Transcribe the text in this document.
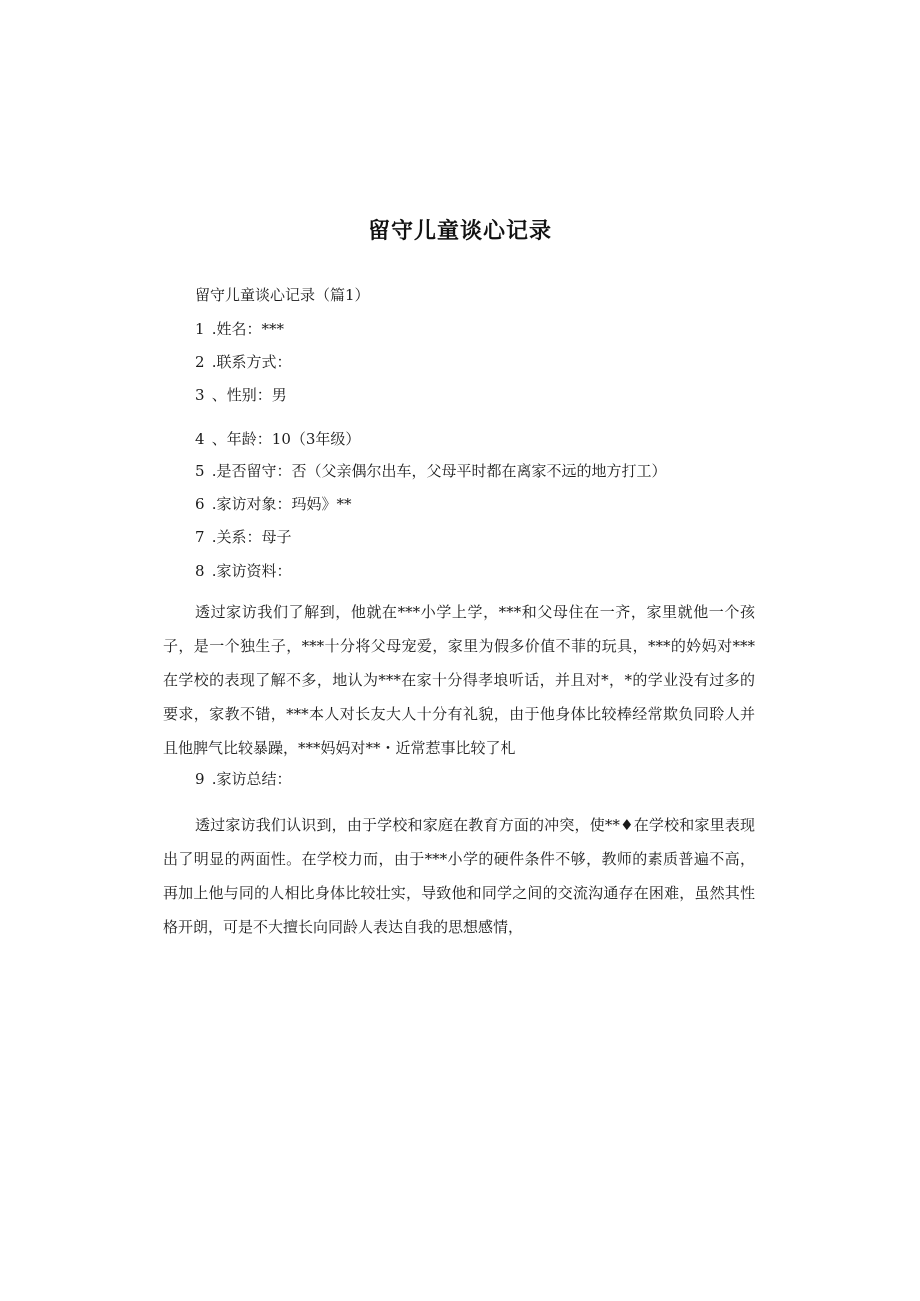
留守儿童谈心记录
留守儿童谈心记录（篇1）
1 .姓名：***
2 .联系方式：
3 、性别：男
4 、年龄：10（3年级）
5 .是否留守：否（父亲偶尔出车，父母平时都在离家不远的地方打工）
6 .家访对象：玛妈》**
7 .关系：母子
8 .家访资料：

透过家访我们了解到，他就在***小学上学，***和父母住在一齐，家里就他一个孩子，是一个独生子，***十分将父母宠爱，家里为假多价值不菲的玩具，***的妗妈对***在学校的表现了解不多，地认为***在家十分得孝埌听话，并且对*，*的学业没有过多的要求，家教不错，***本人对长友大人十分有礼貌，由于他身体比较棒经常欺负同聆人并且他脾气比较暴躁，***妈妈对**・近常惹事比较了札

9 .家访总结：

透过家访我们认识到，由于学校和家庭在教育方面的冲突，使**♦在学校和家里表现出了明显的两面性。在学校力而，由于***小学的硬件条件不够，教师的素质普遍不高，再加上他与同的人相比身体比较壮实，导致他和同学之间的交流沟通存在困难，虽然其性格开朗，可是不大擅长向同龄人表达自我的思想感情，
